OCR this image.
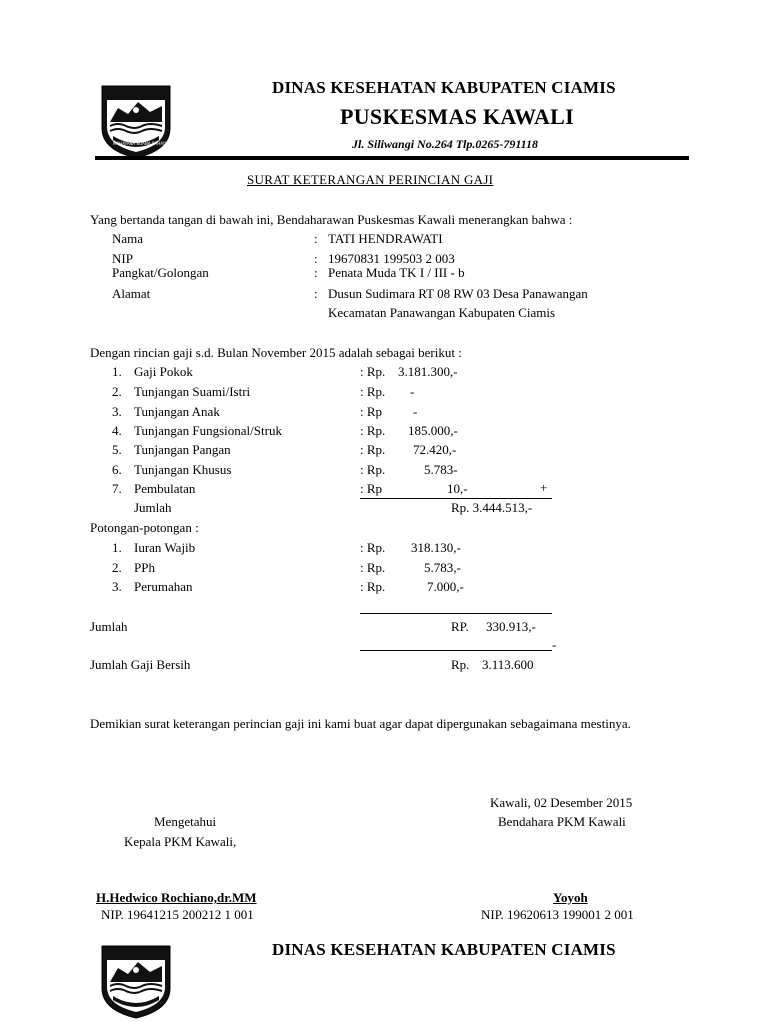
KAB. CIAMIS
MAHAYANA BUANA RAHAYU
DINAS KESEHATAN KABUPATEN CIAMIS
PUSKESMAS KAWALI
Jl. Siliwangi No.264 Tlp.0265-791118
SURAT KETERANGAN PERINCIAN GAJI
Yang bertanda tangan di bawah ini, Bendaharawan Puskesmas Kawali menerangkan bahwa :
Nama	: TATI HENDRAWATI
NIP	: 19670831 199503 2 003
Pangkat/Golongan	: Penata Muda TK I / III - b
Alamat	: Dusun Sudimara RT 08 RW 03 Desa Panawangan
Kecamatan Panawangan Kabupaten Ciamis
Dengan rincian gaji s.d. Bulan November 2015 adalah sebagai berikut :
1. Gaji Pokok	: Rp. 3.181.300,-
2. Tunjangan Suami/Istri	: Rp. -
3. Tunjangan Anak	: Rp -
4. Tunjangan Fungsional/Struk	: Rp. 185.000,-
5. Tunjangan Pangan	: Rp. 72.420,-
6. Tunjangan Khusus	: Rp.	5.783-
7. Pembulatan	: Rp	10,-	+
Jumlah	Rp. 3.444.513,-
Potongan-potongan :
1. Iuran Wajib	: Rp. 318.130,-
2. PPh	: Rp.	5.783,-
3. Perumahan	: Rp.	7.000,-
Jumlah	RP. 330.913,-
-
Jumlah Gaji Bersih	Rp. 3.113.600
Demikian surat keterangan perincian gaji ini kami buat agar dapat dipergunakan sebagaimana mestinya.
Kawali, 02 Desember 2015
Mengetahui	Bendahara PKM Kawali
Kepala PKM Kawali,
H.Hedwico Rochiano,dr.MM	Yoyoh
NIP. 19641215 200212 1 001	NIP. 19620613 199001 2 001
DINAS KESEHATAN KABUPATEN CIAMIS
